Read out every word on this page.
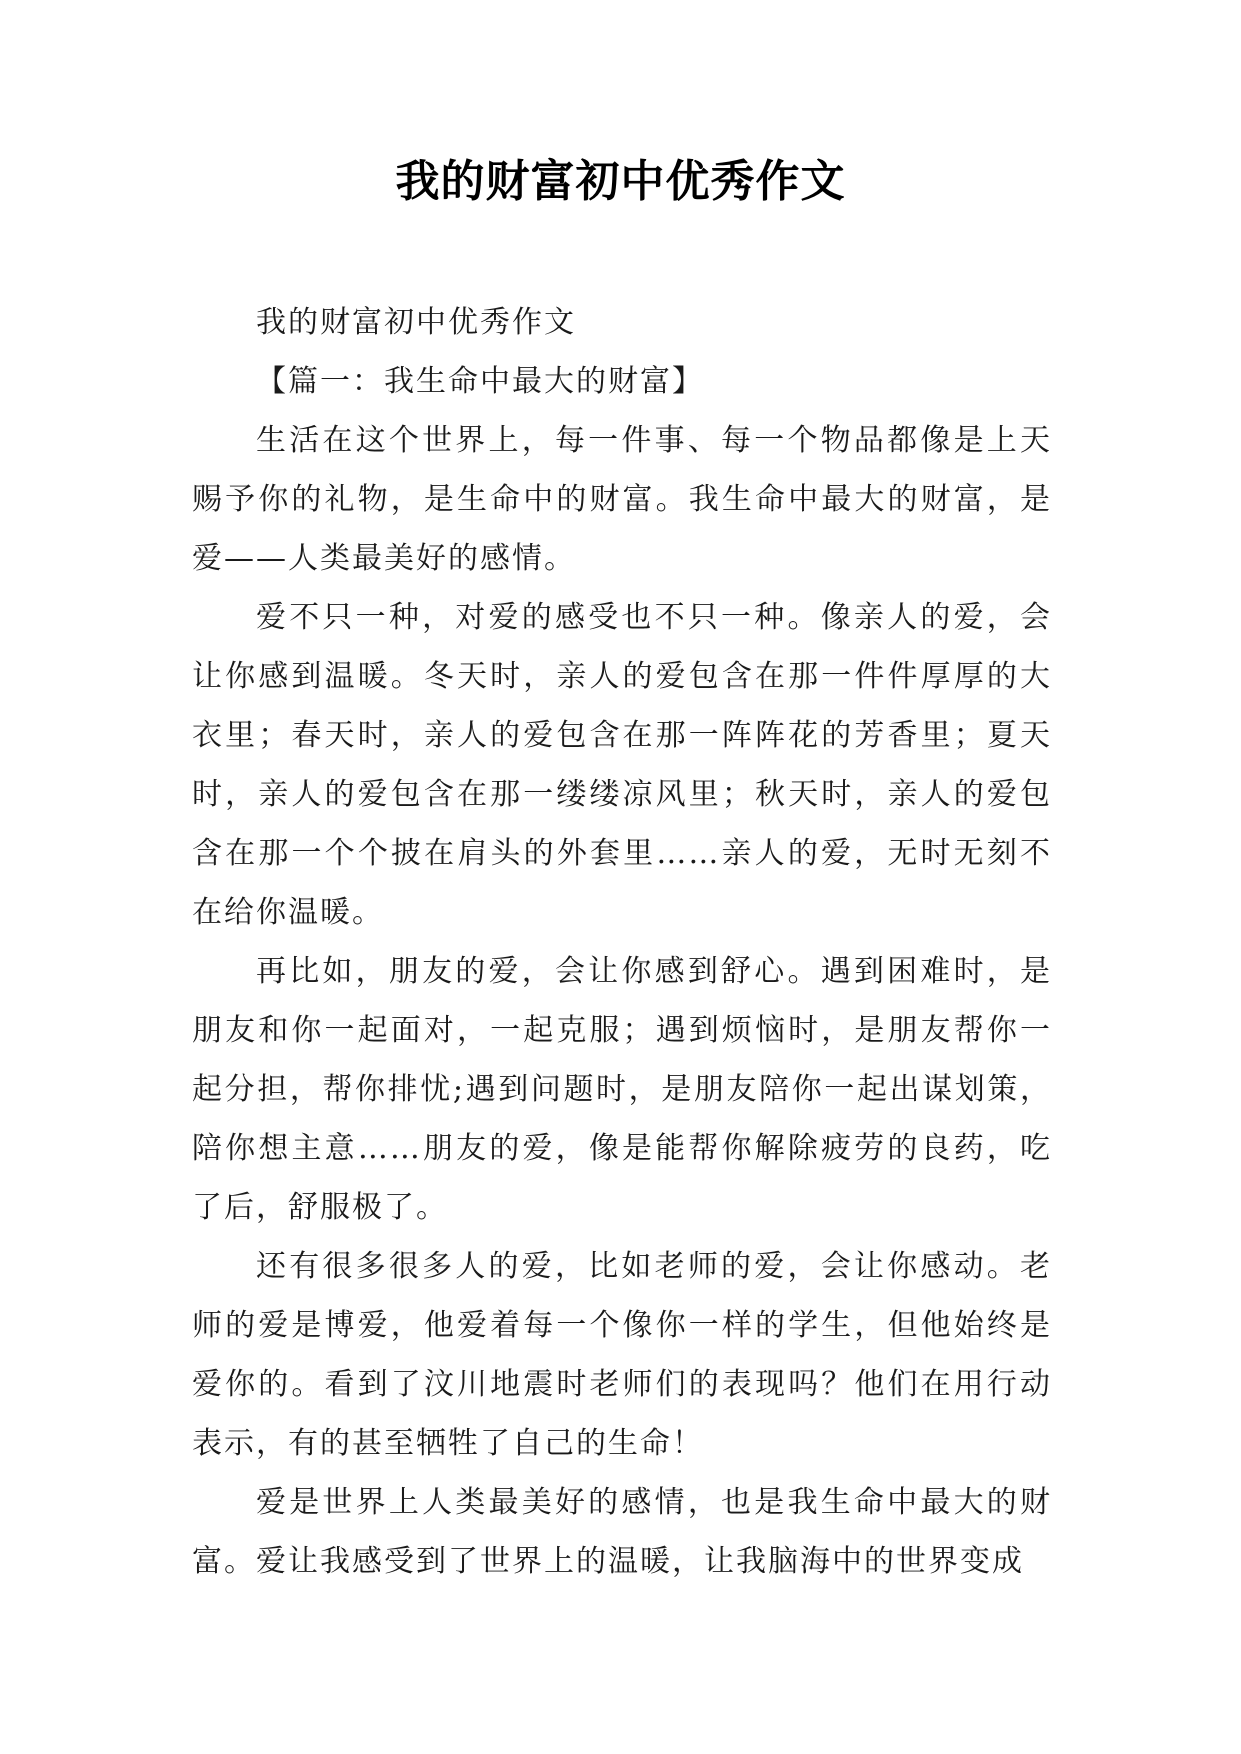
我的财富初中优秀作文

我的财富初中优秀作文

【篇一：我生命中最大的财富】

生活在这个世界上，每一件事、每一个物品都像是上天赐予你的礼物，是生命中的财富。我生命中最大的财富，是爱——人类最美好的感情。

爱不只一种，对爱的感受也不只一种。像亲人的爱，会让你感到温暖。冬天时，亲人的爱包含在那一件件厚厚的大衣里；春天时，亲人的爱包含在那一阵阵花的芳香里；夏天时，亲人的爱包含在那一缕缕凉风里；秋天时，亲人的爱包含在那一个个披在肩头的外套里……亲人的爱，无时无刻不在给你温暖。

再比如，朋友的爱，会让你感到舒心。遇到困难时，是朋友和你一起面对，一起克服；遇到烦恼时，是朋友帮你一起分担，帮你排忧;遇到问题时，是朋友陪你一起出谋划策，陪你想主意……朋友的爱，像是能帮你解除疲劳的良药，吃了后，舒服极了。

还有很多很多人的爱，比如老师的爱，会让你感动。老师的爱是博爱，他爱着每一个像你一样的学生，但他始终是爱你的。看到了汶川地震时老师们的表现吗？他们在用行动表示，有的甚至牺牲了自己的生命！

爱是世界上人类最美好的感情，也是我生命中最大的财富。爱让我感受到了世界上的温暖，让我脑海中的世界变成
